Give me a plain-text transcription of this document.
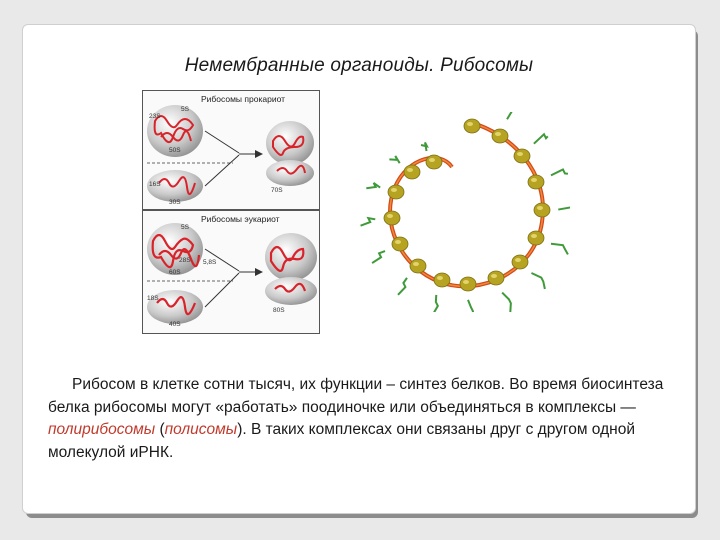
Немембранные органоиды. Рибосомы
Рибосомы прокариот
5S
23S
50S
16S
30S
70S
Рибосомы эукариот
5S
28S 5,8S
60S
18S
40S
80S
Рибосом в клетке сотни тысяч, их функции – синтез белков. Во время биосинтеза белка рибосомы могут «работать» поодиночке или объединяться в комплексы — полирибосомы (полисомы). В таких комплексах они связаны друг с другом одной молекулой иРНК.
